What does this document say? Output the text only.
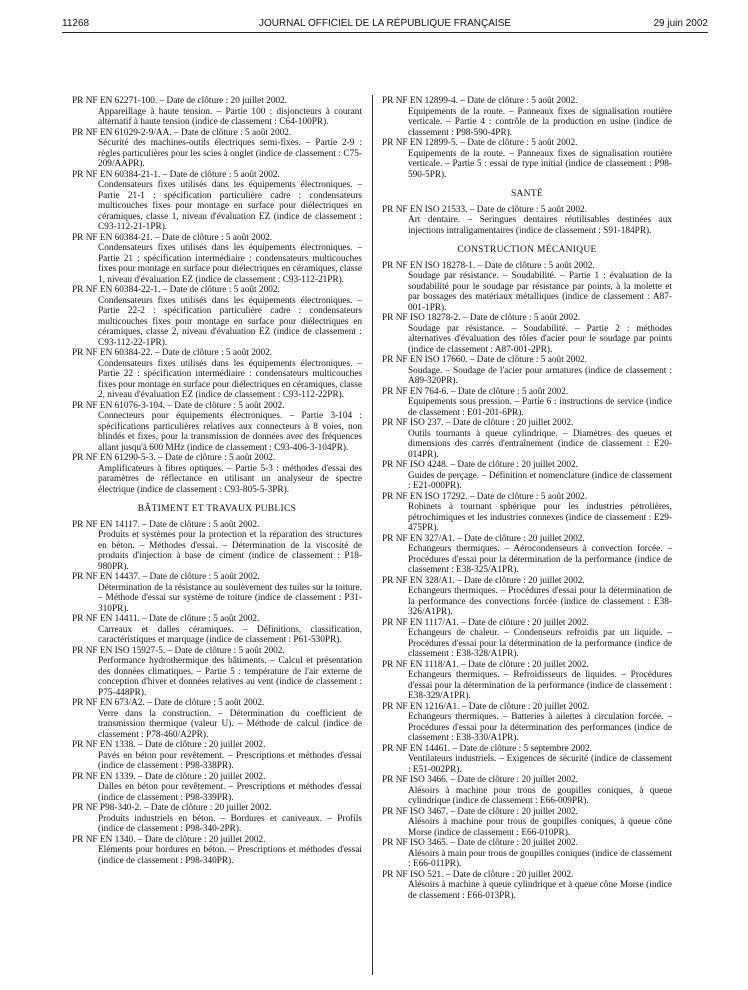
11268	JOURNAL OFFICIEL DE LA RÉPUBLIQUE FRANÇAISE	29 juin 2002
PR NF EN 62271-100. – Date de clôture : 20 juillet 2002.
Appareillage à haute tension. – Partie 100 : disjoncteurs à courant alternatif à haute tension (indice de classement : C64-100PR).
PR NF EN 61029-2-9/AA. – Date de clôture : 5 août 2002.
Sécurité des machines-outils électriques semi-fixes. – Partie 2-9 : règles particulières pour les scies à onglet (indice de classement : C75-209/AAPR).
PR NF EN 60384-21-1. – Date de clôture : 5 août 2002.
Condensateurs fixes utilisés dans les équipements électroniques. – Partie 21-1 : spécification particulière cadre : condensateurs multicouches fixes pour montage en surface pour diélectriques en céramiques, classe 1, niveau d'évaluation EZ (indice de classement : C93-112-21-1PR).
PR NF EN 60384-21. – Date de clôture : 5 août 2002.
Condensateurs fixes utilisés dans les équipements électroniques. – Partie 21 : spécification intermédiaire : condensateurs multicouches fixes pour montage en surface pour diélectriques en céramiques, classe 1, niveau d'évaluation EZ (indice de classement : C93-112-21PR).
PR NF EN 60384-22-1. – Date de clôture : 5 août 2002.
Condensateurs fixes utilisés dans les équipements électroniques. – Partie 22-2 : spécification particulière cadre : condensateurs multicouches fixes pour montage en surface pour diélectriques en céramiques, classe 2, niveau d'évaluation EZ (indice de classement : C93-112-22-1PR).
PR NF EN 60384-22. – Date de clôture : 5 août 2002.
Condensateurs fixes utilisés dans les équipements électroniques. – Partie 22 : spécification intermédiaire : condensateurs multicouches fixes pour montage en surface pour diélectriques en céramiques, classe 2, niveau d'évaluation EZ (indice de classement : C93-112-22PR).
PR NF EN 61076-3-104. – Date de clôture : 5 août 2002.
Connecteurs pour équipements électroniques. – Partie 3-104 : spécifications particulières relatives aux connecteurs à 8 voies, non blindés et fixes, pour la transmission de données avec des fréquences allant jusqu'à 600 MHz (indice de classement : C93-406-3-104PR).
PR NF EN 61290-5-3. – Date de clôture : 5 août 2002.
Amplificateurs à fibres optiques. – Partie 5-3 : méthodes d'essai des paramètres de réflectance en utilisant un analyseur de spectre électrique (indice de classement : C93-805-5-3PR).
BÂTIMENT ET TRAVAUX PUBLICS
PR NF EN 14117. – Date de clôture : 5 août 2002.
Produits et systèmes pour la protection et la réparation des structures en béton. – Méthodes d'essai. – Détermination de la viscosité de produits d'injection à base de ciment (indice de classement : P18-980PR).
PR NF EN 14437. – Date de clôture : 5 août 2002.
Détermination de la résistance au soulèvement des tuiles sur la toiture. – Méthode d'essai sur système de toiture (indice de classement : P31-310PR).
PR NF EN 14411. – Date de clôture : 5 août 2002.
Carreaux et dalles céramiques. – Définitions, classification, caractéristiques et marquage (indice de classement : P61-530PR).
PR NF EN ISO 15927-5. – Date de clôture : 5 août 2002.
Performance hydrothermique des bâtiments. – Calcul et présentation des données climatiques. – Partie 5 : température de l'air externe de conception d'hiver et données relatives au vent (indice de classement : P75-448PR).
PR NF EN 673/A2. – Date de clôture : 5 août 2002.
Verre dans la construction. – Détermination du coefficient de transmission thermique (valeur U). – Méthode de calcul (indice de classement : P78-460/A2PR).
PR NF EN 1338. – Date de clôture : 20 juillet 2002.
Pavés en béton pour revêtement. – Prescriptions et méthodes d'essai (indice de classement : P98-338PR).
PR NF EN 1339. – Date de clôture : 20 juillet 2002.
Dalles en béton pour revêtement. – Prescriptions et méthodes d'essai (indice de classement : P98-339PR).
PR NF P98-340-2. – Date de clôture : 20 juillet 2002.
Produits industriels en béton. – Bordures et caniveaux. – Profils (indice de classement : P98-340-2PR).
PR NF EN 1340. – Date de clôture : 20 juillet 2002.
Eléments pour bordures en béton. – Prescriptions et méthodes d'essai (indice de classement : P98-340PR).
PR NF EN 12899-4. – Date de clôture : 5 août 2002.
Equipements de la route. – Panneaux fixes de signalisation routière verticale. – Partie 4 : contrôle de la production en usine (indice de classement : P98-590-4PR).
PR NF EN 12899-5. – Date de clôture : 5 août 2002.
Equipements de la route. – Panneaux fixes de signalisation routière verticale. – Partie 5 : essai de type initial (indice de classement : P98-590-5PR).
SANTÉ
PR NF EN ISO 21533. – Date de clôture : 5 août 2002.
Art dentaire. – Seringues dentaires réutilisables destinées aux injections intraligamentaires (indice de classement : S91-184PR).
CONSTRUCTION MÉCANIQUE
PR NF EN ISO 18278-1. – Date de clôture : 5 août 2002.
Soudage par résistance. – Soudabilité. – Partie 1 : évaluation de la soudabilité pour le soudage par résistance par points, à la molette et par bossages des matériaux métalliques (indice de classement : A87-001-1PR).
PR NF ISO 18278-2. – Date de clôture : 5 août 2002.
Soudage par résistance. – Soudabilité. – Partie 2 : méthodes alternatives d'évaluation des tôles d'acier pour le soudage par points (indice de classement : A87-001-2PR).
PR NF EN ISO 17660. – Date de clôture : 5 août 2002.
Soudage. – Soudage de l'acier pour armatures (indice de classement : A89-320PR).
PR NF EN 764-6. – Date de clôture : 5 août 2002.
Equipements sous pression. – Partie 6 : instructions de service (indice de classement : E01-201-6PR).
PR NF ISO 237. – Date de clôture : 20 juillet 2002.
Outils tournants à queue cylindrique. – Diamètres des queues et dimensions des carrés d'entraînement (indice de classement : E20-014PR).
PR NF ISO 4248. – Date de clôture : 20 juillet 2002.
Guides de perçage. – Définition et nomenclature (indice de classement : E21-000PR).
PR NF EN ISO 17292. – Date de clôture : 5 août 2002.
Robinets à tournant sphérique pour les industries pétrolières, pétrochimiques et les industries connexes (indice de classement : E29-475PR).
PR NF EN 327/A1. – Date de clôture : 20 juillet 2002.
Echangeurs thermiques. – Aérocondenseurs à convection forcée. – Procédures d'essai pour la détermination de la performance (indice de classement : E38-325/A1PR).
PR NF EN 328/A1. – Date de clôture : 20 juillet 2002.
Echangeurs thermiques. – Procédures d'essai pour la détermination de la performance des convections forcée (indice de classement : E38-326/A1PR).
PR NF EN 1117/A1. – Date de clôture : 20 juillet 2002.
Echangeurs de chaleur. – Condenseurs refroidis par un liquide. – Procédures d'essai pour la détermination de la performance (indice de classement : E38-328/A1PR).
PR NF EN 1118/A1. – Date de clôture : 20 juillet 2002.
Echangeurs thermiques. – Refroidisseurs de liquides. – Procédures d'essai pour la détermination de la performance (indice de classement : E38-329/A1PR).
PR NF EN 1216/A1. – Date de clôture : 20 juillet 2002.
Echangeurs thermiques. – Batteries à ailettes à circulation forcée. – Procédures d'essai pour la détermination des performances (indice de classement : E38-330/A1PR).
PR NF EN 14461. – Date de clôture : 5 septembre 2002.
Ventilateurs industriels. – Exigences de sécurité (indice de classement : E51-002PR).
PR NF ISO 3466. – Date de clôture : 20 juillet 2002.
Alésoirs à machine pour trous de goupilles coniques, à queue cylindrique (indice de classement : E66-009PR).
PR NF ISO 3467. – Date de clôture : 20 juillet 2002.
Alésoirs à machine pour trous de goupilles coniques, à queue cône Morse (indice de classement : E66-010PR).
PR NF ISO 3465. – Date de clôture : 20 juillet 2002.
Alésoirs à main pour trous de goupilles coniques (indice de classement : E66-011PR).
PR NF ISO 521. – Date de clôture : 20 juillet 2002.
Alésoirs à machine à queue cylindrique et à queue cône Morse (indice de classement : E66-013PR).
